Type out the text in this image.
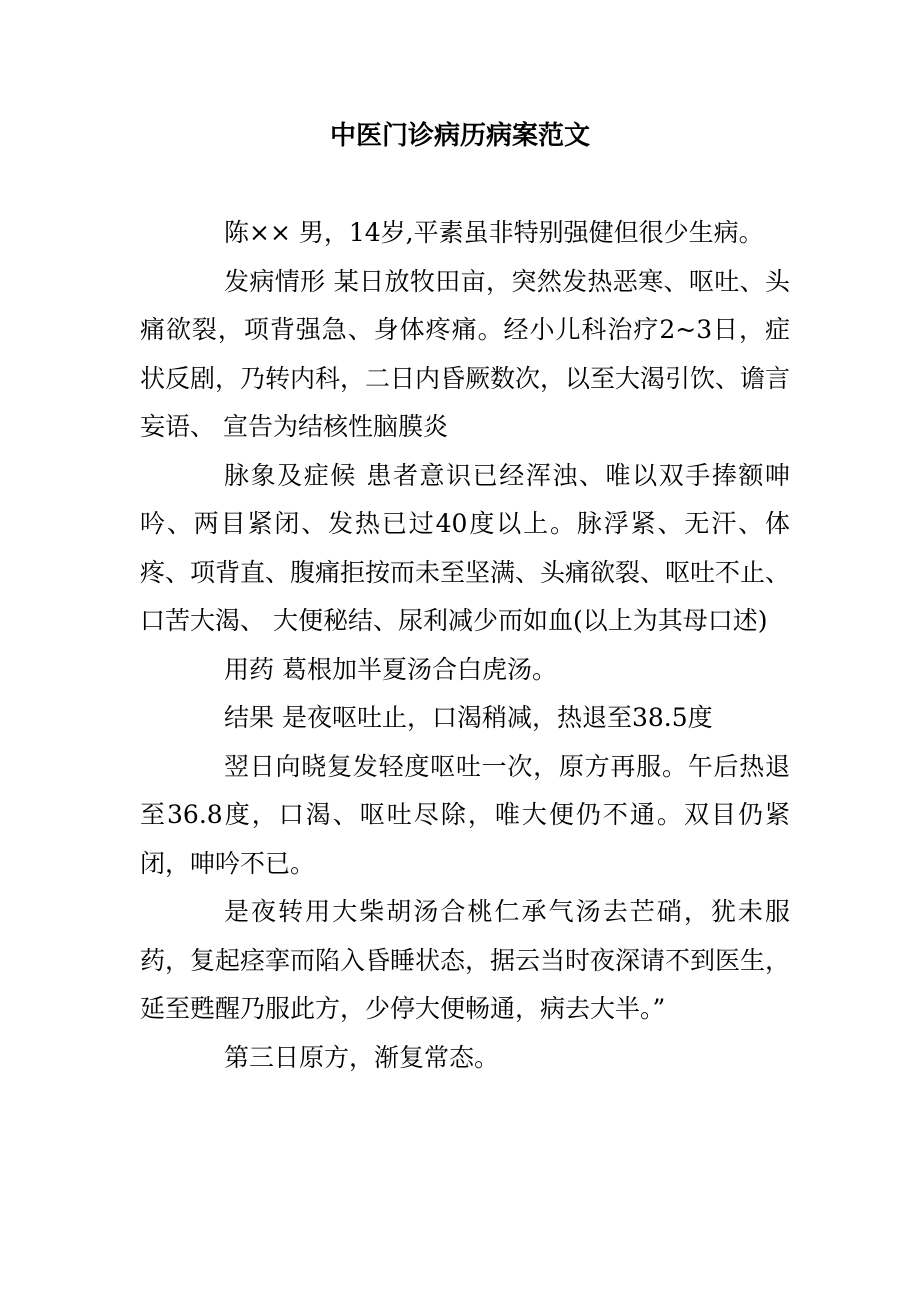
中医门诊病历病案范文

陈×× 男，14岁,平素虽非特别强健但很少生病。

发病情形 某日放牧田亩，突然发热恶寒、呕吐、头痛欲裂，项背强急、身体疼痛。经小儿科治疗2~3日，症状反剧，乃转内科，二日内昏厥数次，以至大渴引饮、谵言妄语、 宣告为结核性脑膜炎

脉象及症候 患者意识已经浑浊、唯以双手捧额呻吟、两目紧闭、发热已过40度以上。脉浮紧、无汗、体疼、项背直、腹痛拒按而未至坚满、头痛欲裂、呕吐不止、口苦大渴、 大便秘结、尿利减少而如血(以上为其母口述)

用药 葛根加半夏汤合白虎汤。

结果 是夜呕吐止，口渴稍减，热退至38.5度

翌日向晓复发轻度呕吐一次，原方再服。午后热退至36.8度，口渴、呕吐尽除，唯大便仍不通。双目仍紧闭，呻吟不已。

是夜转用大柴胡汤合桃仁承气汤去芒硝，犹未服药，复起痉挛而陷入昏睡状态，据云当时夜深请不到医生，延至甦醒乃服此方，少停大便畅通，病去大半。”

第三日原方，渐复常态。
